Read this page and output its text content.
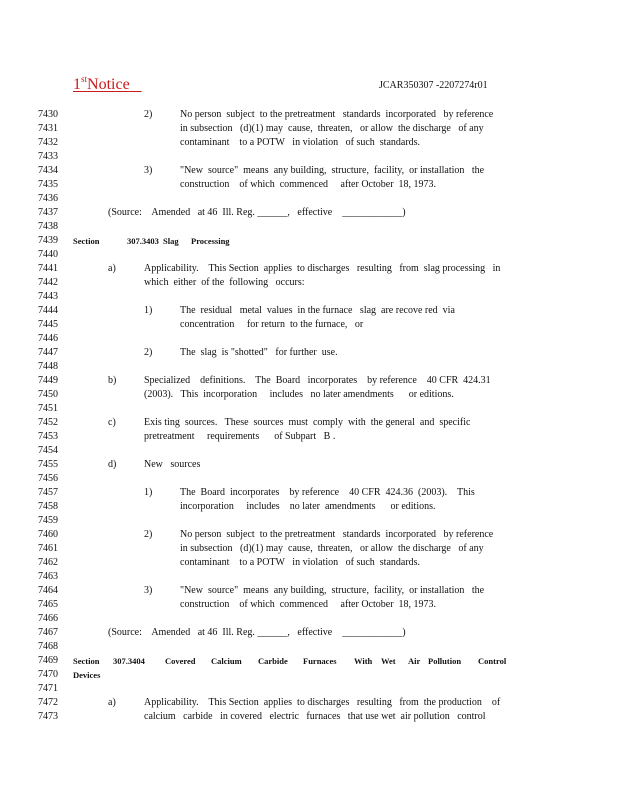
1stNotice	JCAR350307 -2207274r01
7430	2)	No person  subject  to the pretreatment   standards  incorporated   by reference
7431	in subsection   (d)(1) may  cause,  threaten,   or allow  the discharge   of any
7432	contaminant    to a POTW   in violation   of such  standards.
7433
7434	3)	"New  source"  means  any building,  structure,  facility,  or installation   the
7435	construction    of which  commenced     after October  18, 1973.
7436
7437	(Source:    Amended   at 46  Ill. Reg. ______,   effective    ____________)
7438
7439	Section	307.3403 Slag Processing
7440
7441	a)	Applicability.    This Section  applies  to discharges   resulting   from  slag processing   in
7442	which  either  of the  following   occurs:
7443
7444	1)	The  residual   metal  values  in the furnace   slag  are recove red  via
7445	concentration     for return  to the furnace,   or
7446
7447	2)	The  slag  is "shotted"   for further  use.
7448
7449	b)	Specialized    definitions.    The  Board   incorporates    by reference    40 CFR  424.31
7450	(2003).   This  incorporation     includes   no later amendments      or editions.
7451
7452	c)	Exis ting  sources.   These  sources  must  comply  with  the general  and  specific
7453	pretreatment     requirements      of Subpart   B .
7454
7455	d)	New   sources
7456
7457	1)	The  Board  incorporates    by reference    40 CFR  424.36  (2003).    This
7458	incorporation     includes    no later  amendments      or editions.
7459
7460	2)	No person  subject  to the pretreatment   standards  incorporated   by reference
7461	in subsection   (d)(1) may  cause,  threaten,   or allow  the discharge   of any
7462	contaminant    to a POTW   in violation   of such  standards.
7463
7464	3)	"New  source"  means  any building,  structure,  facility,  or installation   the
7465	construction    of which  commenced     after October  18, 1973.
7466
7467	(Source:    Amended   at 46  Ill. Reg. ______,   effective    ____________)
7468
7469	Section 307.3404 Covered Calcium Carbide Furnaces With Wet Air Pollution Control
7470	Devices
7471
7472	a)	Applicability.    This Section  applies  to discharges   resulting   from  the production    of
7473	calcium   carbide   in covered   electric   furnaces   that use wet  air pollution   control
